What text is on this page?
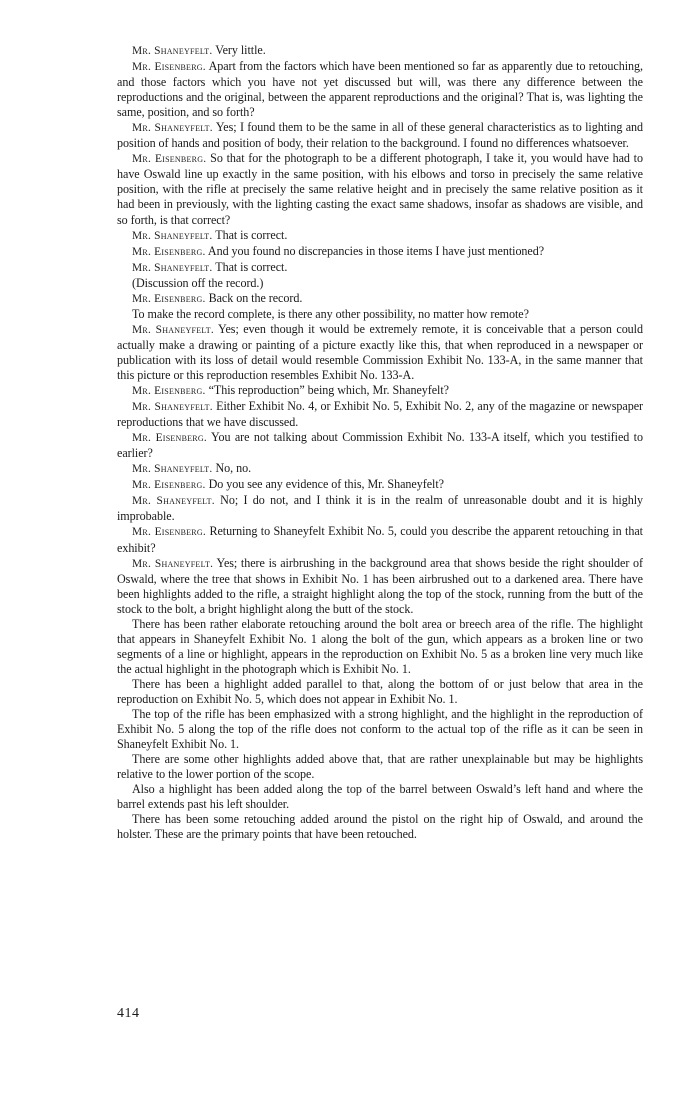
Mr. Shaneyfelt. Very little.

Mr. Eisenberg. Apart from the factors which have been mentioned so far as apparently due to retouching, and those factors which you have not yet discussed but will, was there any difference between the reproductions and the original, between the apparent reproductions and the original? That is, was lighting the same, position, and so forth?

Mr. Shaneyfelt. Yes; I found them to be the same in all of these general characteristics as to lighting and position of hands and position of body, their relation to the background. I found no differences whatsoever.

Mr. Eisenberg. So that for the photograph to be a different photograph, I take it, you would have had to have Oswald line up exactly in the same position, with his elbows and torso in precisely the same relative position, with the rifle at precisely the same relative height and in precisely the same relative position as it had been in previously, with the lighting casting the exact same shadows, insofar as shadows are visible, and so forth, is that correct?

Mr. Shaneyfelt. That is correct.

Mr. Eisenberg. And you found no discrepancies in those items I have just mentioned?

Mr. Shaneyfelt. That is correct.

(Discussion off the record.)

Mr. Eisenberg. Back on the record.

To make the record complete, is there any other possibility, no matter how remote?

Mr. Shaneyfelt. Yes; even though it would be extremely remote, it is conceivable that a person could actually make a drawing or painting of a picture exactly like this, that when reproduced in a newspaper or publication with its loss of detail would resemble Commission Exhibit No. 133-A, in the same manner that this picture or this reproduction resembles Exhibit No. 133-A.

Mr. Eisenberg. “This reproduction” being which, Mr. Shaneyfelt?

Mr. Shaneyfelt. Either Exhibit No. 4, or Exhibit No. 5, Exhibit No. 2, any of the magazine or newspaper reproductions that we have discussed.

Mr. Eisenberg. You are not talking about Commission Exhibit No. 133-A itself, which you testified to earlier?

Mr. Shaneyfelt. No, no.

Mr. Eisenberg. Do you see any evidence of this, Mr. Shaneyfelt?

Mr. Shaneyfelt. No; I do not, and I think it is in the realm of unreasonable doubt and it is highly improbable.

Mr. Eisenberg. Returning to Shaneyfelt Exhibit No. 5, could you describe the apparent retouching in that exhibit?

Mr. Shaneyfelt. Yes; there is airbrushing in the background area that shows beside the right shoulder of Oswald, where the tree that shows in Exhibit No. 1 has been airbrushed out to a darkened area. There have been highlights added to the rifle, a straight highlight along the top of the stock, running from the butt of the stock to the bolt, a bright highlight along the butt of the stock.

There has been rather elaborate retouching around the bolt area or breech area of the rifle. The highlight that appears in Shaneyfelt Exhibit No. 1 along the bolt of the gun, which appears as a broken line or two segments of a line or highlight, appears in the reproduction on Exhibit No. 5 as a broken line very much like the actual highlight in the photograph which is Exhibit No. 1.

There has been a highlight added parallel to that, along the bottom of or just below that area in the reproduction on Exhibit No. 5, which does not appear in Exhibit No. 1.

The top of the rifle has been emphasized with a strong highlight, and the highlight in the reproduction of Exhibit No. 5 along the top of the rifle does not conform to the actual top of the rifle as it can be seen in Shaneyfelt Exhibit No. 1.

There are some other highlights added above that, that are rather unexplainable but may be highlights relative to the lower portion of the scope.

Also a highlight has been added along the top of the barrel between Oswald’s left hand and where the barrel extends past his left shoulder.

There has been some retouching added around the pistol on the right hip of Oswald, and around the holster. These are the primary points that have been retouched.

414
